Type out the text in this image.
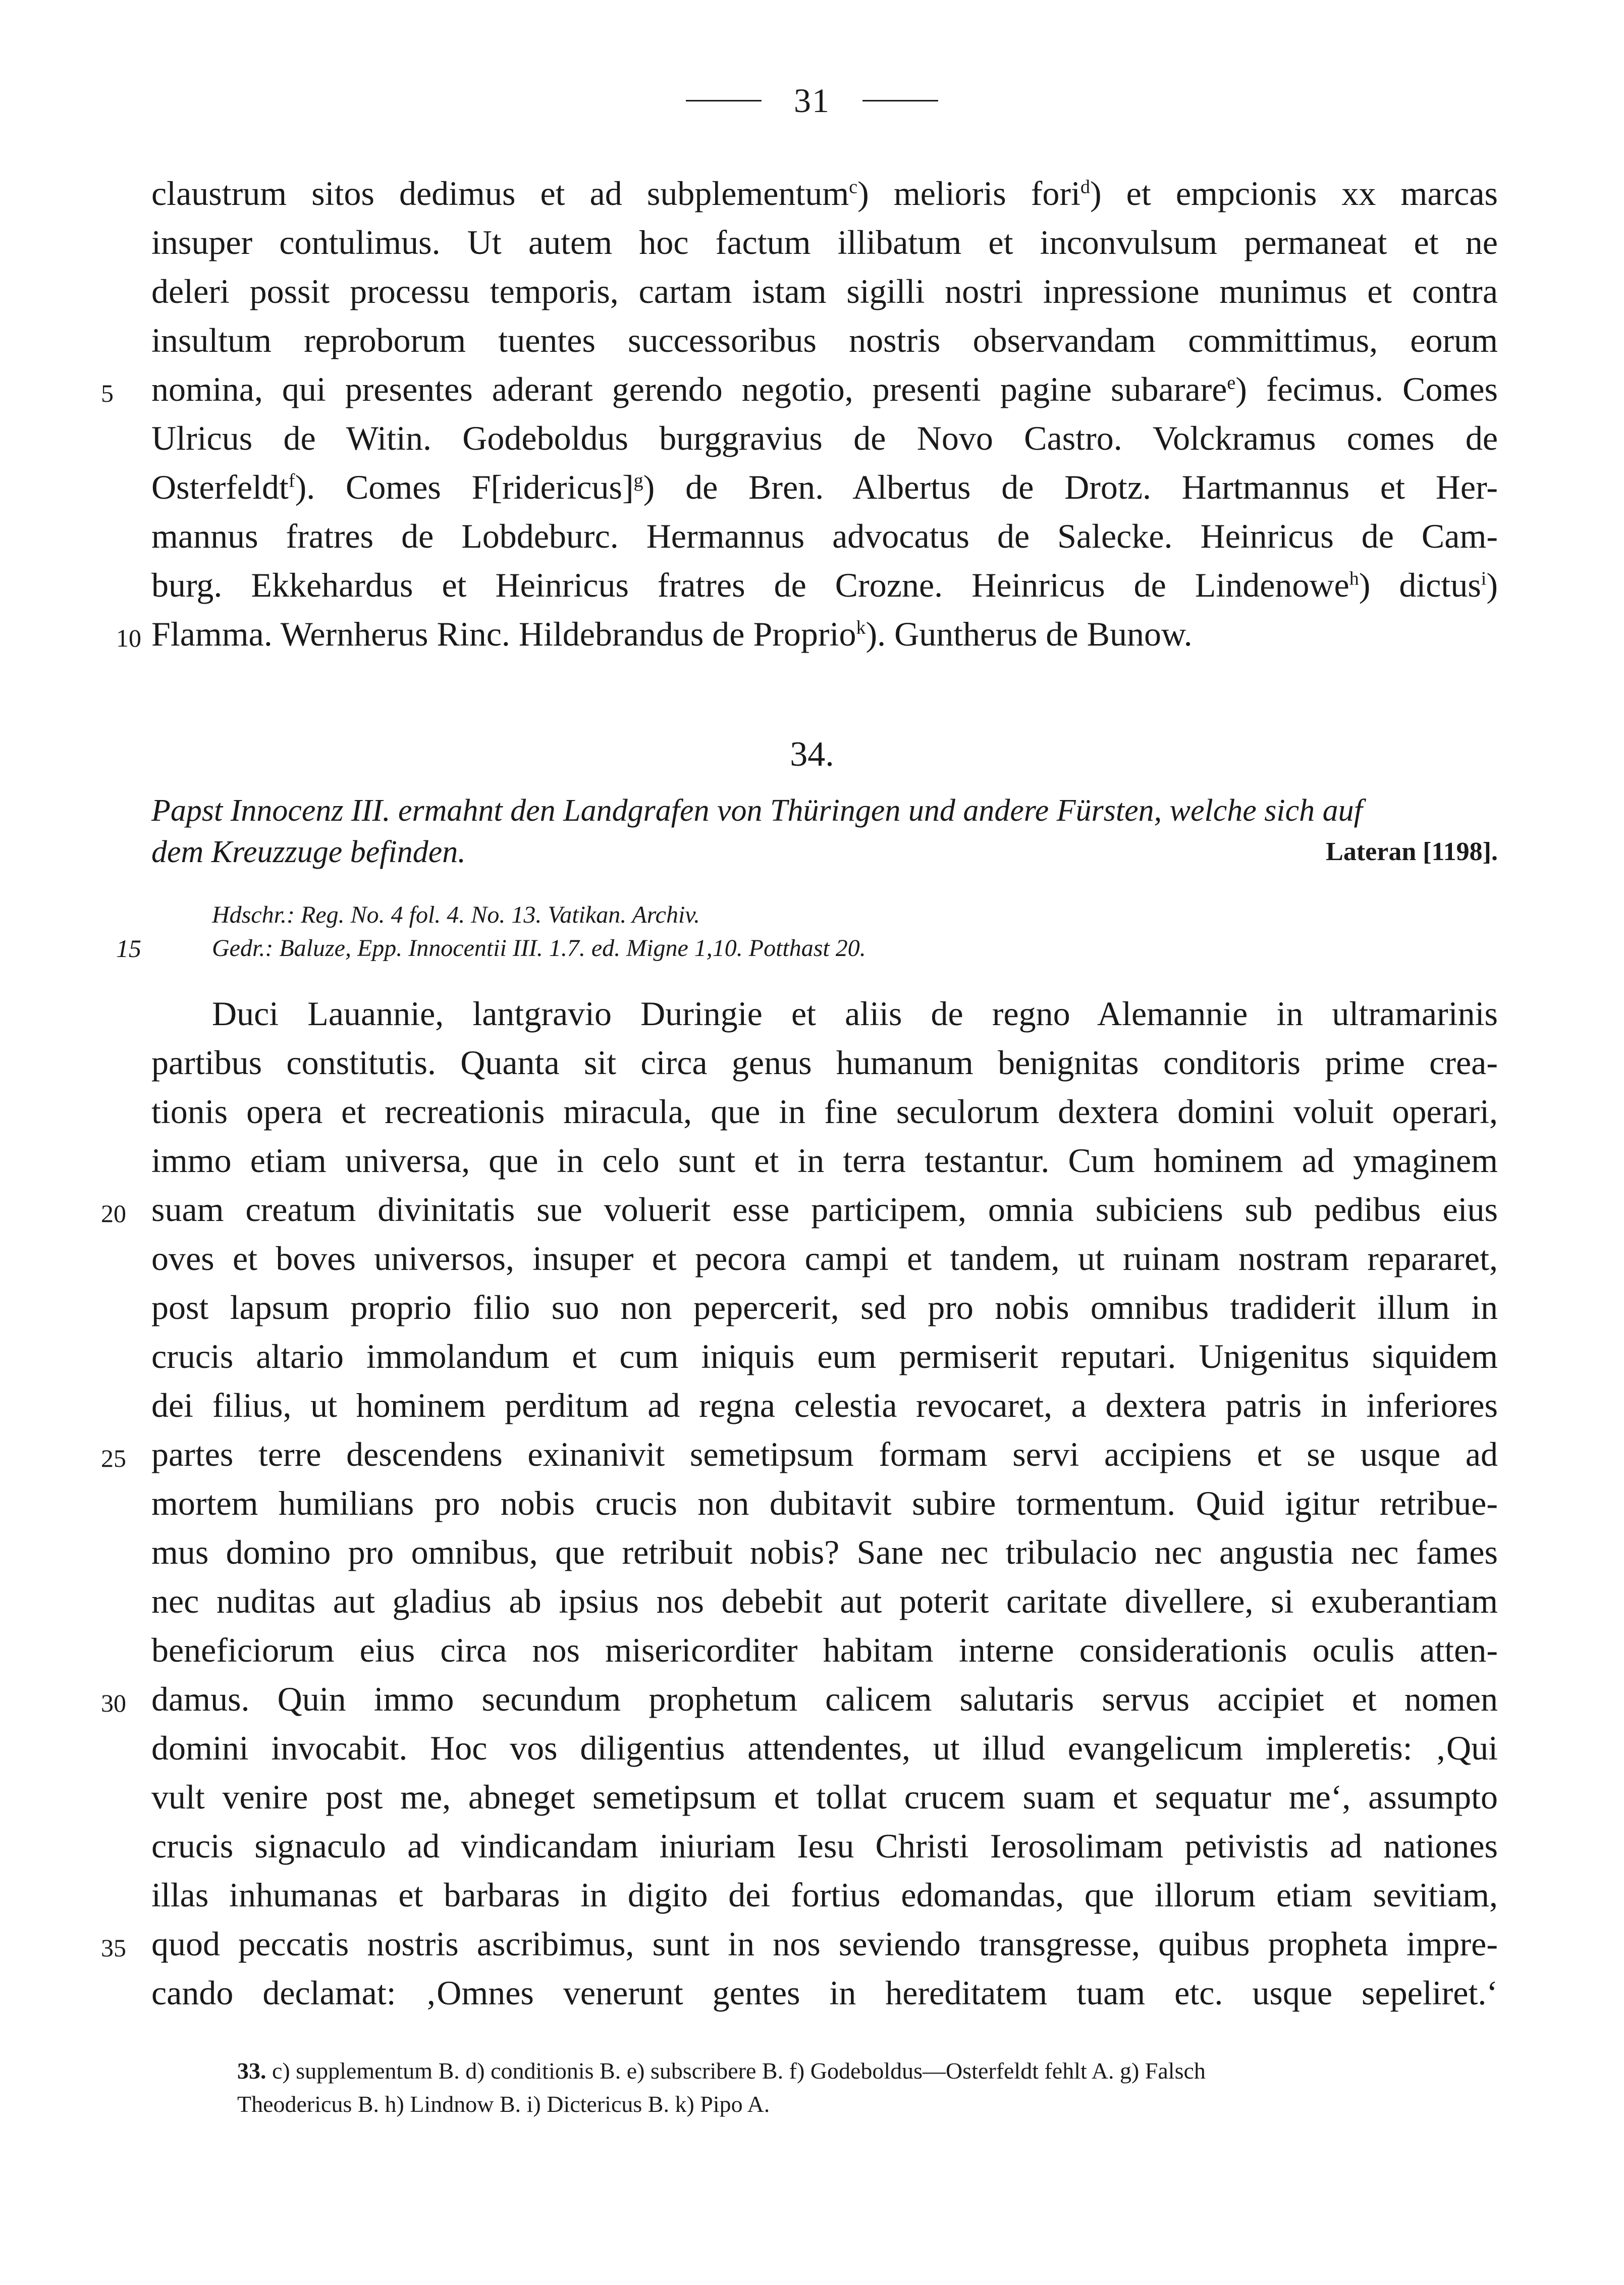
31
claustrum sitos dedimus et ad subplementum$^c$) melioris fori$^d$) et empcionis xx marcas
insuper contulimus. Ut autem hoc factum illibatum et inconvulsum permaneat et ne
deleri possit processu temporis, cartam istam sigilli nostri inpressione munimus et contra
insultum reproborum tuentes successoribus nostris observandam committimus, eorum
5	nomina, qui presentes aderant gerendo negotio, presenti pagine subarare$^e$) fecimus. Comes
Ulricus de Witin. Godeboldus burggravius de Novo Castro. Volckramus comes de
Osterfeldt$^f$). Comes F[ridericus]$^g$) de Bren. Albertus de Drotz. Hartmannus et Her-
mannus fratres de Lobdeburc. Hermannus advocatus de Salecke. Heinricus de Cam-
burg. Ekkehardus et Heinricus fratres de Crozne. Heinricus de Lindenowe$^h$) dictus$^i$)
10 Flamma. Wernherus Rinc. Hildebrandus de Proprio$^k$). Guntherus de Bunow.
34.
Papst Innocenz III. ermahnt den Landgrafen von Thüringen und andere Fürsten, welche sich auf
dem Kreuzzuge befinden.	Lateran [1198].
Hdschr.: Reg. No. 4 fol. 4. No. 13. Vatikan. Archiv.
15	Gedr.: Baluze, Epp. Innocentii III. 1.7. ed. Migne 1,10. Potthast 20.
Duci Lauannie, lantgravio Duringie et aliis de regno Alemannie in ultramarinis
partibus constitutis. Quanta sit circa genus humanum benignitas conditoris prime crea-
tionis opera et recreationis miracula, que in fine seculorum dextera domini voluit operari,
immo etiam universa, que in celo sunt et in terra testantur. Cum hominem ad ymaginem
20 suam creatum divinitatis sue voluerit esse participem, omnia subiciens sub pedibus eius
oves et boves universos, insuper et pecora campi et tandem, ut ruinam nostram repararet,
post lapsum proprio filio suo non pepercerit, sed pro nobis omnibus tradiderit illum in
crucis altario immolandum et cum iniquis eum permiserit reputari. Unigenitus siquidem
dei filius, ut hominem perditum ad regna celestia revocaret, a dextera patris in inferiores
25 partes terre descendens exinanivit semetipsum formam servi accipiens et se usque ad
mortem humilians pro nobis crucis non dubitavit subire tormentum. Quid igitur retribue-
mus domino pro omnibus, que retribuit nobis? Sane nec tribulacio nec angustia nec fames
nec nuditas aut gladius ab ipsius nos debebit aut poterit caritate divellere, si exuberantiam
beneficiorum eius circa nos misericorditer habitam interne considerationis oculis atten-
30 damus. Quin immo secundum prophetum calicem salutaris servus accipiet et nomen
domini invocabit. Hoc vos diligentius attendentes, ut illud evangelicum impleretis: ‚Qui
vult venire post me, abneget semetipsum et tollat crucem suam et sequatur me‘, assumpto
crucis signaculo ad vindicandam iniuriam Iesu Christi Ierosolimam petivistis ad nationes
illas inhumanas et barbaras in digito dei fortius edomandas, que illorum etiam sevitiam,
35 quod peccatis nostris ascribimus, sunt in nos seviendo transgresse, quibus propheta impre-
cando declamat: ‚Omnes venerunt gentes in hereditatem tuam etc. usque sepeliret.‘
33. c) supplementum B. d) conditionis B. e) subscribere B. f) Godeboldus—Osterfeldt fehlt A. g) Falsch
Theodericus B. h) Lindnow B. i) Dictericus B. k) Pipo A.
